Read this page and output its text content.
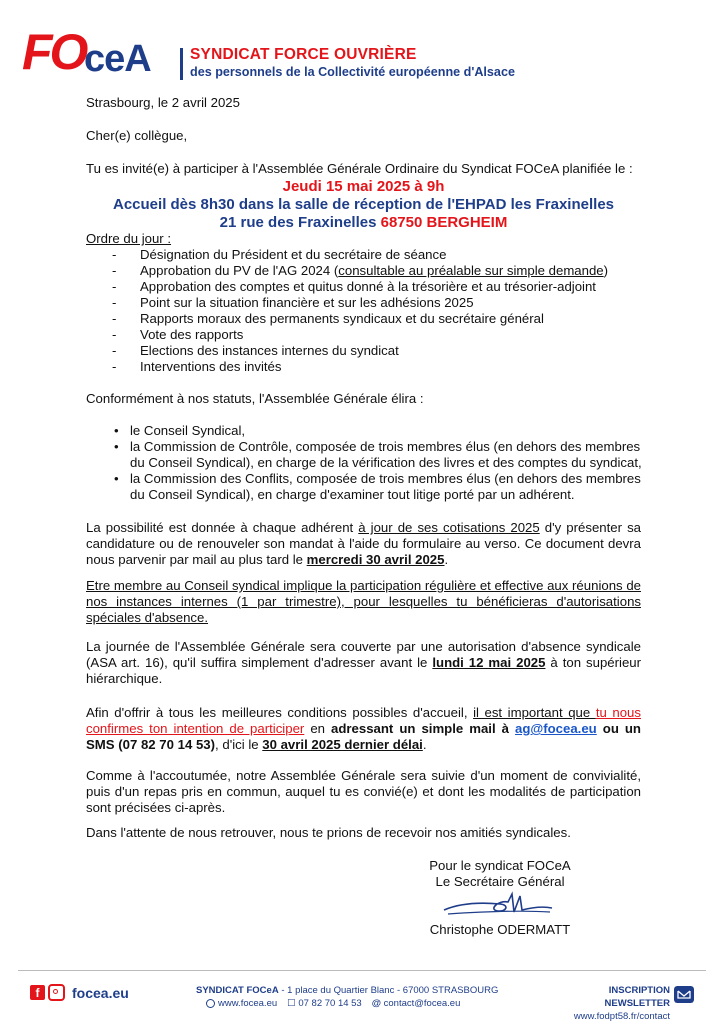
FO
ceA	SYNDICAT FORCE OUVRIÈRE
des personnels de la Collectivité européenne d'Alsace
Strasbourg, le 2 avril 2025
Cher(e) collègue,
Tu es invité(e) à participer à l'Assemblée Générale Ordinaire du Syndicat FOCeA planifiée le :
Jeudi 15 mai 2025 à 9h
Accueil dès 8h30 dans la salle de réception de l'EHPAD les Fraxinelles
21 rue des Fraxinelles 68750 BERGHEIM
Ordre du jour :
- Désignation du Président et du secrétaire de séance
- Approbation du PV de l'AG 2024 (consultable au préalable sur simple demande)
- Approbation des comptes et quitus donné à la trésorière et au trésorier-adjoint
- Point sur la situation financière et sur les adhésions 2025
- Rapports moraux des permanents syndicaux et du secrétaire général
- Vote des rapports
- Elections des instances internes du syndicat
- Interventions des invités
Conformément à nos statuts, l'Assemblée Générale élira :
• le Conseil Syndical,
• la Commission de Contrôle, composée de trois membres élus (en dehors des membres du Conseil Syndical), en charge de la vérification des livres et des comptes du syndicat,
• la Commission des Conflits, composée de trois membres élus (en dehors des membres du Conseil Syndical), en charge d'examiner tout litige porté par un adhérent.
La possibilité est donnée à chaque adhérent à jour de ses cotisations 2025 d'y présenter sa candidature ou de renouveler son mandat à l'aide du formulaire au verso. Ce document devra nous parvenir par mail au plus tard le mercredi 30 avril 2025.
Etre membre au Conseil syndical implique la participation régulière et effective aux réunions de nos instances internes (1 par trimestre), pour lesquelles tu bénéficieras d'autorisations spéciales d'absence.
La journée de l'Assemblée Générale sera couverte par une autorisation d'absence syndicale (ASA art. 16), qu'il suffira simplement d'adresser avant le lundi 12 mai 2025 à ton supérieur hiérarchique.
Afin d'offrir à tous les meilleures conditions possibles d'accueil, il est important que tu nous confirmes ton intention de participer en adressant un simple mail à ag@focea.eu ou un SMS (07 82 70 14 53), d'ici le 30 avril 2025 dernier délai.
Comme à l'accoutumée, notre Assemblée Générale sera suivie d'un moment de convivialité, puis d'un repas pris en commun, auquel tu es convié(e) et dont les modalités de participation sont précisées ci-après.
Dans l'attente de nous retrouver, nous te prions de recevoir nos amitiés syndicales.
Pour le syndicat FOCeA
Le Secrétaire Général
Christophe ODERMATT
f	focea.eu	SYNDICAT FOCeA - 1 place du Quartier Blanc - 67000 STRASBOURG
www.focea.eu ☐ 07 82 70 14 53 @ contact@focea.eu
INSCRIPTION NEWSLETTER
www.fodpt58.fr/contact
